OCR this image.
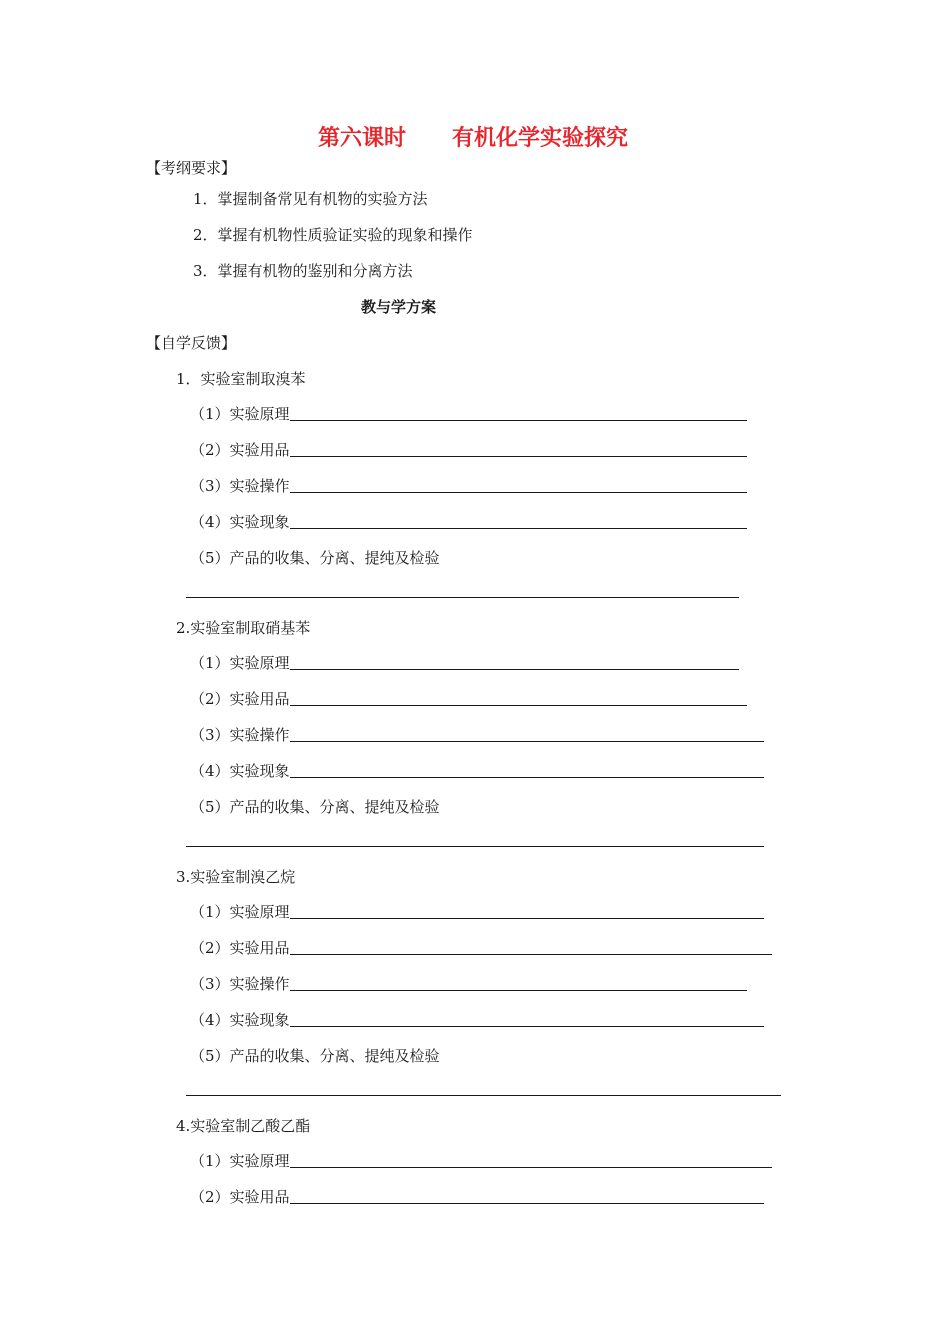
第六课时 有机化学实验探究
【考纲要求】
1．掌握制备常见有机物的实验方法
2．掌握有机物性质验证实验的现象和操作
3．掌握有机物的鉴别和分离方法
教与学方案
【自学反馈】
1．实验室制取溴苯
（1）实验原理
（2）实验用品
（3）实验操作
（4）实验现象
（5）产品的收集、分离、提纯及检验
2.实验室制取硝基苯
（1）实验原理
（2）实验用品
（3）实验操作
（4）实验现象
（5）产品的收集、分离、提纯及检验
3.实验室制溴乙烷
（1）实验原理
（2）实验用品
（3）实验操作
（4）实验现象
（5）产品的收集、分离、提纯及检验
4.实验室制乙酸乙酯
（1）实验原理
（2）实验用品
